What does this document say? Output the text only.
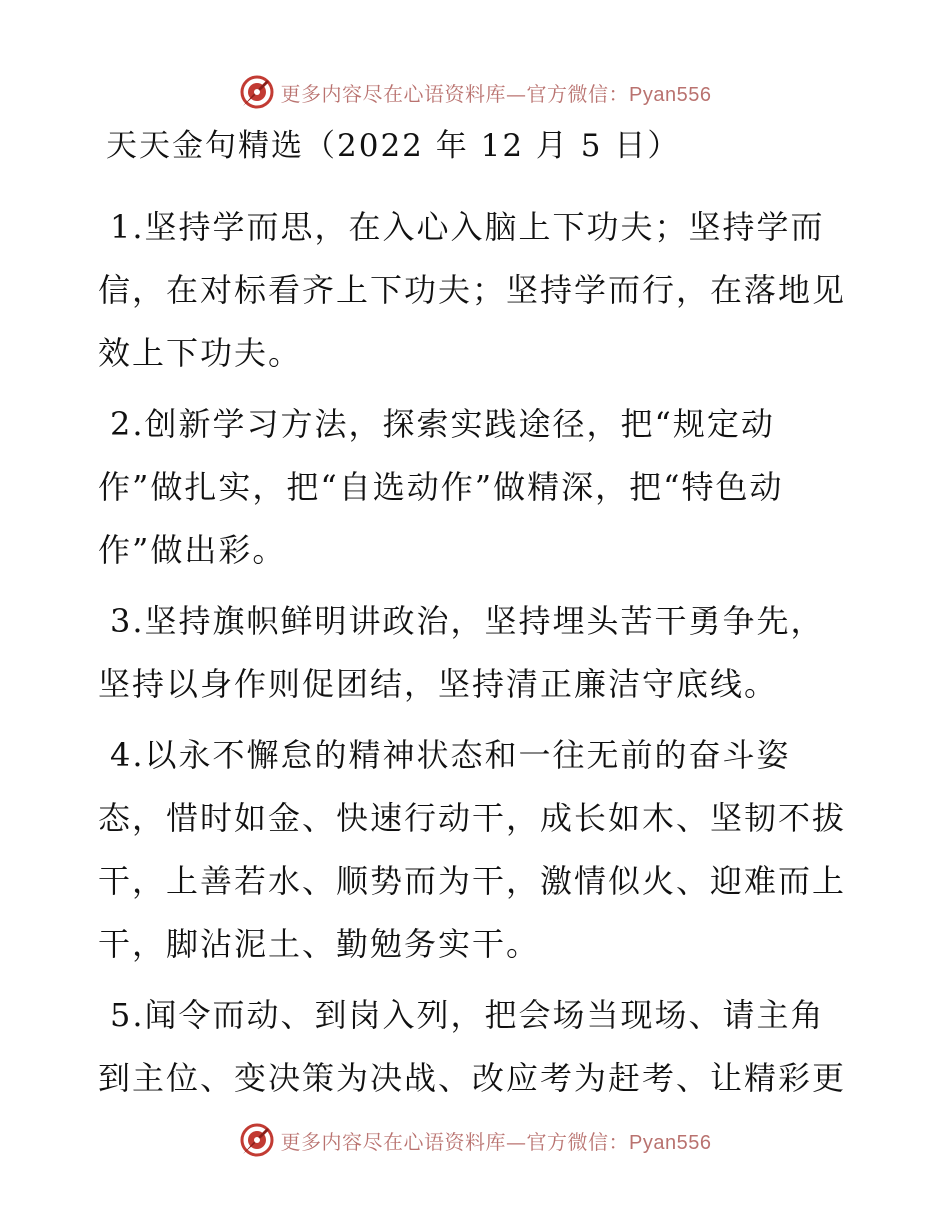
更多内容尽在心语资料库—官方微信：Pyan556
天天金句精选（2022 年 12 月 5 日）

1.坚持学而思，在入心入脑上下功夫；坚持学而信，在对标看齐上下功夫；坚持学而行，在落地见效上下功夫。

2.创新学习方法，探索实践途径，把“规定动作”做扎实，把“自选动作”做精深，把“特色动作”做出彩。

3.坚持旗帜鲜明讲政治，坚持埋头苦干勇争先，坚持以身作则促团结，坚持清正廉洁守底线。

4.以永不懈怠的精神状态和一往无前的奋斗姿态，惜时如金、快速行动干，成长如木、坚韧不拔干，上善若水、顺势而为干，激情似火、迎难而上干，脚沾泥土、勤勉务实干。

5.闻令而动、到岗入列，把会场当现场、请主角到主位、变决策为决战、改应考为赶考、让精彩更

更多内容尽在心语资料库—官方微信：Pyan556
